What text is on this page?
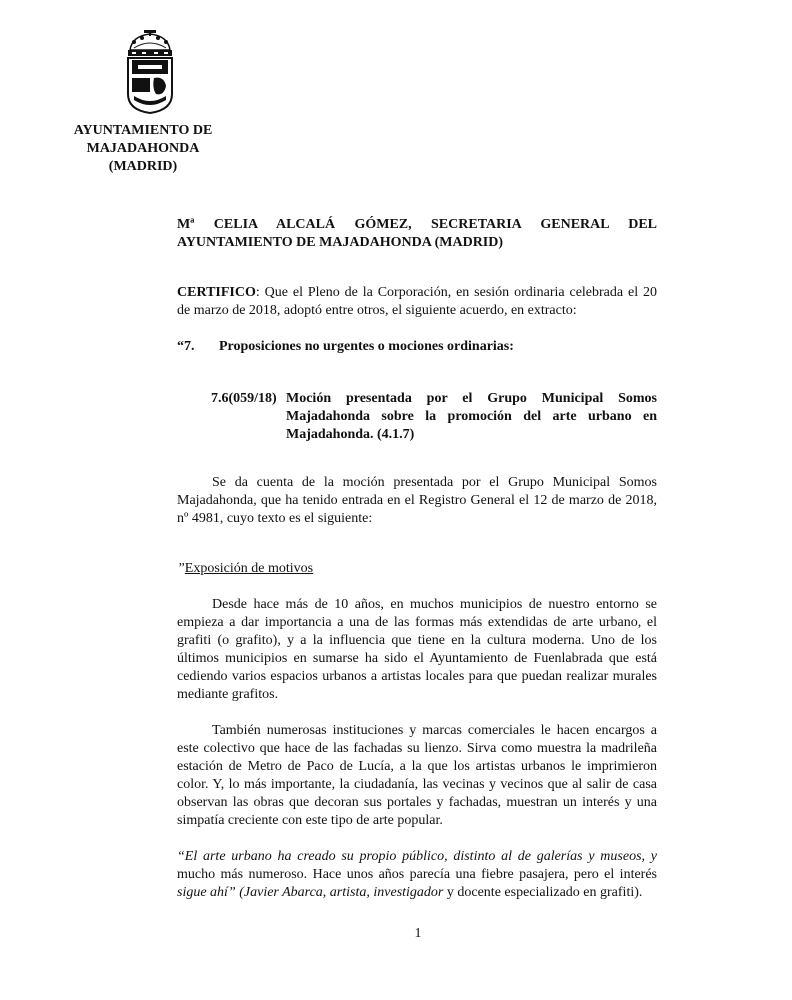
AYUNTAMIENTO DE
MAJADAHONDA
(MADRID)

Mª CELIA ALCALÁ GÓMEZ, SECRETARIA GENERAL DEL AYUNTAMIENTO DE MAJADAHONDA (MADRID)

CERTIFICO: Que el Pleno de la Corporación, en sesión ordinaria celebrada el 20 de marzo de 2018, adoptó entre otros, el siguiente acuerdo, en extracto:

“7.	Proposiciones no urgentes o mociones ordinarias:
7.6(059/18) Moción presentada por el Grupo Municipal Somos Majadahonda sobre la promoción del arte urbano en Majadahonda. (4.1.7)

Se da cuenta de la moción presentada por el Grupo Municipal Somos Majadahonda, que ha tenido entrada en el Registro General el 12 de marzo de 2018, nº 4981, cuyo texto es el siguiente:

”Exposición de motivos

Desde hace más de 10 años, en muchos municipios de nuestro entorno se empieza a dar importancia a una de las formas más extendidas de arte urbano, el grafiti (o grafito), y a la influencia que tiene en la cultura moderna. Uno de los últimos municipios en sumarse ha sido el Ayuntamiento de Fuenlabrada que está cediendo varios espacios urbanos a artistas locales para que puedan realizar murales mediante grafitos.

También numerosas instituciones y marcas comerciales le hacen encargos a este colectivo que hace de las fachadas su lienzo. Sirva como muestra la madrileña estación de Metro de Paco de Lucía, a la que los artistas urbanos le imprimieron color. Y, lo más importante, la ciudadanía, las vecinas y vecinos que al salir de casa observan las obras que decoran sus portales y fachadas, muestran un interés y una simpatía creciente con este tipo de arte popular.

“El arte urbano ha creado su propio público, distinto al de galerías y museos, y mucho más numeroso. Hace unos años parecía una fiebre pasajera, pero el interés sigue ahí” (Javier Abarca, artista, investigador y docente especializado en grafiti).

1
